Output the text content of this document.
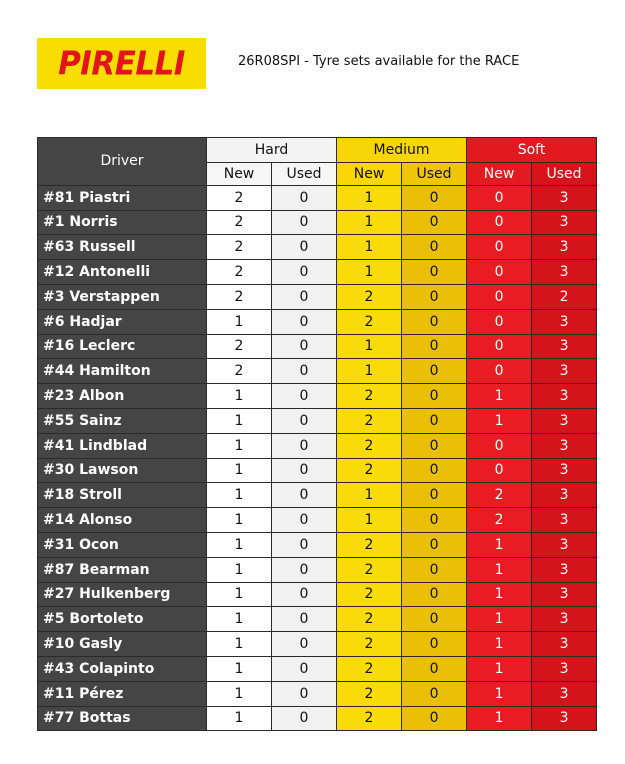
PIRELLI	26R08SPI - Tyre sets available for the RACE
Driver	Hard		Medium		Soft	
	New	Used	New	Used	New	Used
#81 Piastri	2	0	1	0	0	3
#1 Norris	2	0	1	0	0	3
#63 Russell	2	0	1	0	0	3
#12 Antonelli	2	0	1	0	0	3
#3 Verstappen	2	0	2	0	0	2
#6 Hadjar	1	0	2	0	0	3
#16 Leclerc	2	0	1	0	0	3
#44 Hamilton	2	0	1	0	0	3
#23 Albon	1	0	2	0	1	3
#55 Sainz	1	0	2	0	1	3
#41 Lindblad	1	0	2	0	0	3
#30 Lawson	1	0	2	0	0	3
#18 Stroll	1	0	1	0	2	3
#14 Alonso	1	0	1	0	2	3
#31 Ocon	1	0	2	0	1	3
#87 Bearman	1	0	2	0	1	3
#27 Hulkenberg	1	0	2	0	1	3
#5 Bortoleto	1	0	2	0	1	3
#10 Gasly	1	0	2	0	1	3
#43 Colapinto	1	0	2	0	1	3
#11 Pérez	1	0	2	0	1	3
#77 Bottas	1	0	2	0	1	3
